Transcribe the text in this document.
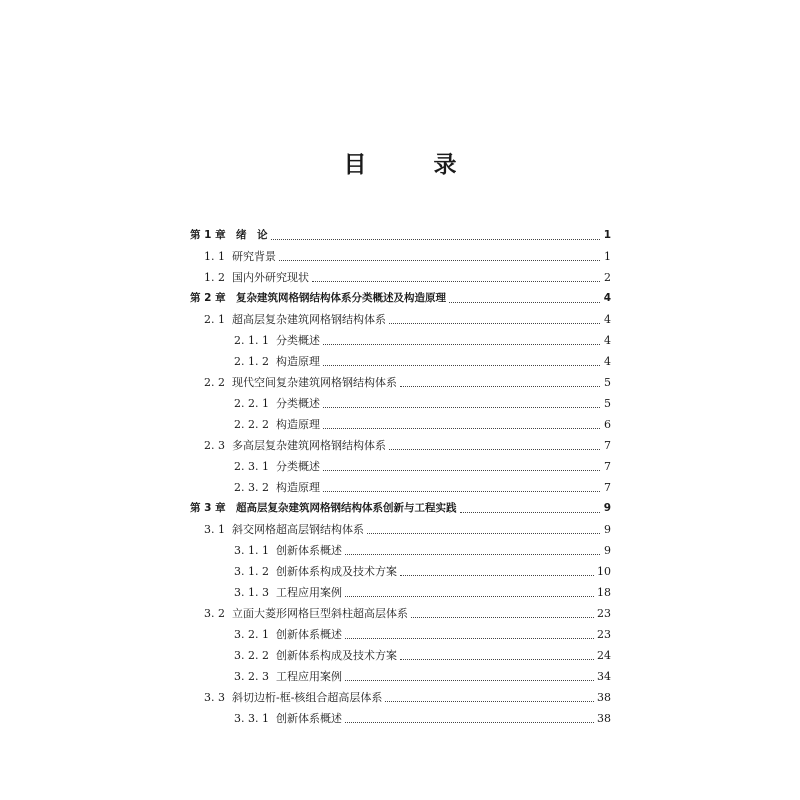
目　录
第 1 章 绪　论	1
1. 1 研究背景	1
1. 2 国内外研究现状	2
第 2 章 复杂建筑网格钢结构体系分类概述及构造原理	4
2. 1 超高层复杂建筑网格钢结构体系	4
2. 1. 1 分类概述	4
2. 1. 2 构造原理	4
2. 2 现代空间复杂建筑网格钢结构体系	5
2. 2. 1 分类概述	5
2. 2. 2 构造原理	6
2. 3 多高层复杂建筑网格钢结构体系	7
2. 3. 1 分类概述	7
2. 3. 2 构造原理	7
第 3 章 超高层复杂建筑网格钢结构体系创新与工程实践	9
3. 1 斜交网格超高层钢结构体系	9
3. 1. 1 创新体系概述	9
3. 1. 2 创新体系构成及技术方案	10
3. 1. 3 工程应用案例	18
3. 2 立面大菱形网格巨型斜柱超高层体系	23
3. 2. 1 创新体系概述	23
3. 2. 2 创新体系构成及技术方案	24
3. 2. 3 工程应用案例	34
3. 3 斜切边桁-框-核组合超高层体系	38
3. 3. 1 创新体系概述	38
